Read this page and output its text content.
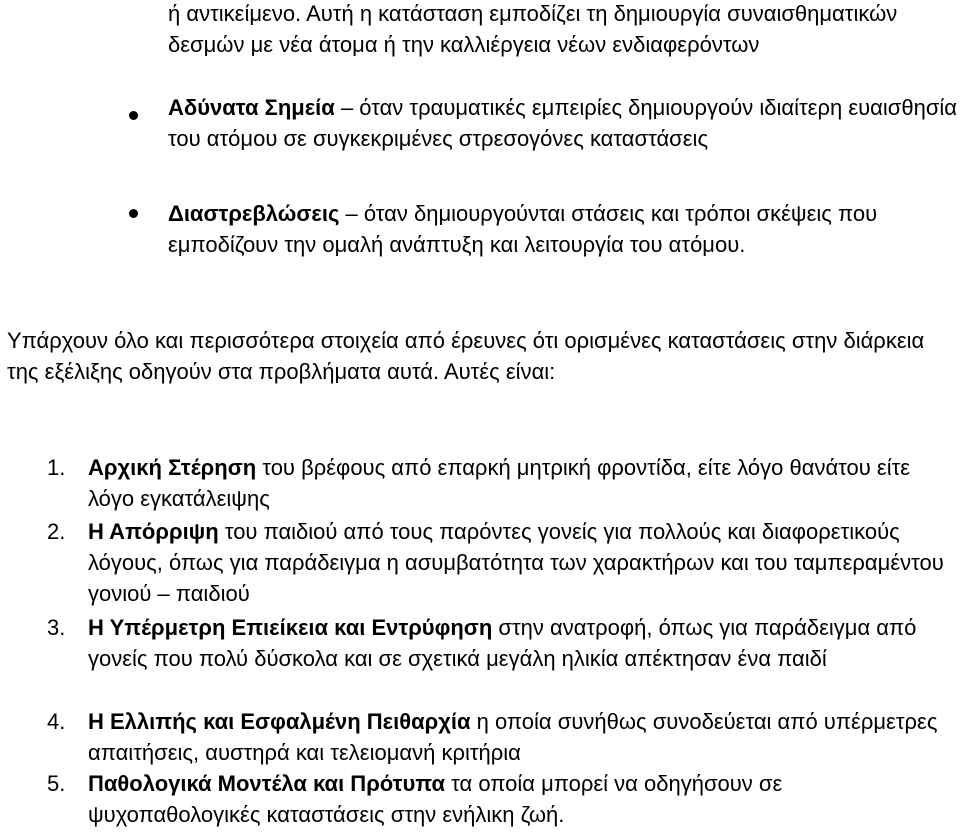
ή αντικείμενο. Αυτή η κατάσταση εμποδίζει τη δημιουργία συναισθηματικών δεσμών με νέα άτομα ή την καλλιέργεια νέων ενδιαφερόντων
Αδύνατα Σημεία – όταν τραυματικές εμπειρίες δημιουργούν ιδιαίτερη ευαισθησία του ατόμου σε συγκεκριμένες στρεσογόνες καταστάσεις
Διαστρεβλώσεις – όταν δημιουργούνται στάσεις και τρόποι σκέψεις που εμποδίζουν την ομαλή ανάπτυξη και λειτουργία του ατόμου.
Υπάρχουν όλο και περισσότερα στοιχεία από έρευνες ότι ορισμένες καταστάσεις στην διάρκεια της εξέλιξης οδηγούν στα προβλήματα αυτά. Αυτές είναι:
1. Αρχική Στέρηση του βρέφους από επαρκή μητρική φροντίδα, είτε λόγο θανάτου είτε λόγο εγκατάλειψης
2. Η Απόρριψη του παιδιού από τους παρόντες γονείς για πολλούς και διαφορετικούς λόγους, όπως για παράδειγμα η ασυμβατότητα των χαρακτήρων και του ταμπεραμέντου γονιού – παιδιού
3. Η Υπέρμετρη Επιείκεια και Εντρύφηση στην ανατροφή, όπως για παράδειγμα από γονείς που πολύ δύσκολα και σε σχετικά μεγάλη ηλικία απέκτησαν ένα παιδί
4. Η Ελλιπής και Εσφαλμένη Πειθαρχία η οποία συνήθως συνοδεύεται από υπέρμετρες απαιτήσεις, αυστηρά και τελειομανή κριτήρια
5. Παθολογικά Μοντέλα και Πρότυπα τα οποία μπορεί να οδηγήσουν σε ψυχοπαθολογικές καταστάσεις στην ενήλικη ζωή.
